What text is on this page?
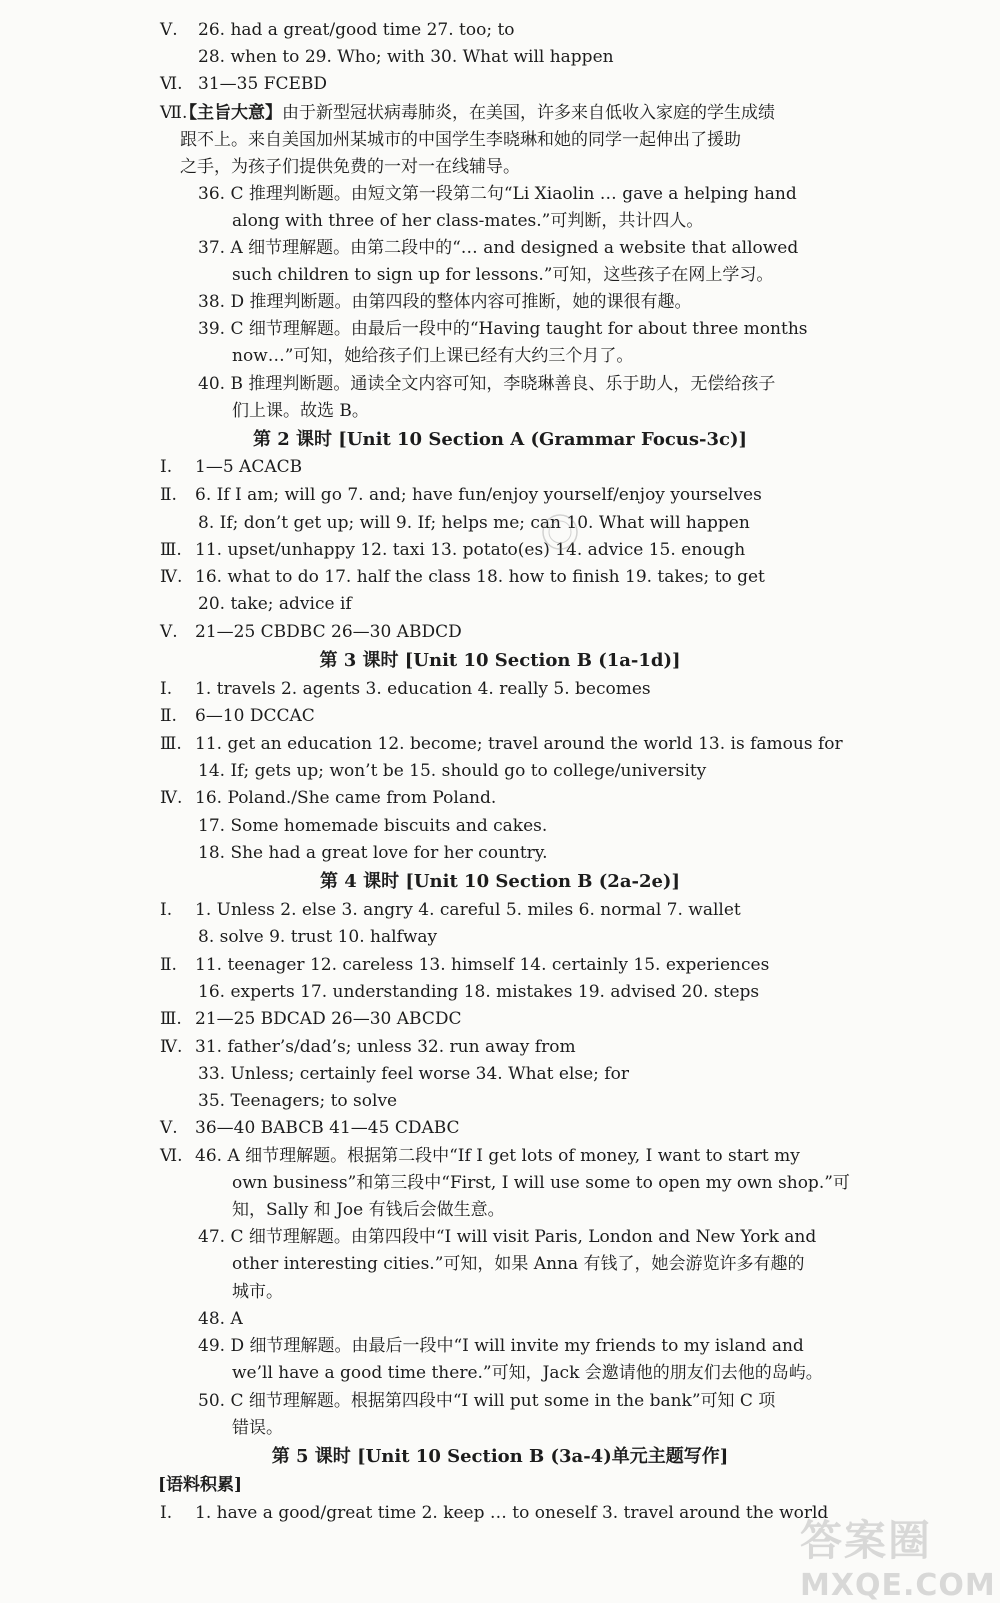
Ⅴ. 26. had a great/good time 27. too; to
28. when to 29. Who; with 30. What will happen
Ⅵ. 31—35 FCEBD
Ⅶ.
【主旨大意】由于新型冠状病毒肺炎，在美国，许多来自低收入家庭的学生成绩
跟不上。来自美国加州某城市的中国学生李晓琳和她的同学一起伸出了援助
之手，为孩子们提供免费的一对一在线辅导。
36. C 推理判断题。由短文第一段第二句“Li Xiaolin … gave a helping hand
along with three of her class-mates.”可判断，共计四人。
37. A 细节理解题。由第二段中的“… and designed a website that allowed
such children to sign up for lessons.”可知，这些孩子在网上学习。
38. D 推理判断题。由第四段的整体内容可推断，她的课很有趣。
39. C 细节理解题。由最后一段中的“Having taught for about three months
now…”可知，她给孩子们上课已经有大约三个月了。
40. B 推理判断题。通读全文内容可知，李晓琳善良、乐于助人，无偿给孩子
们上课。故选 B。
第 2 课时 [Unit 10 Section A (Grammar Focus-3c)]
Ⅰ. 1—5 ACACB
Ⅱ. 6. If I am; will go 7. and; have fun/enjoy yourself/enjoy yourselves
8. If; don’t get up; will 9. If; helps me; can 10. What will happen
Ⅲ. 11. upset/unhappy 12. taxi 13. potato(es) 14. advice 15. enough
Ⅳ. 16. what to do 17. half the class 18. how to finish 19. takes; to get
20. take; advice if
Ⅴ. 21—25 CBDBC 26—30 ABDCD
第 3 课时 [Unit 10 Section B (1a-1d)]
Ⅰ. 1. travels 2. agents 3. education 4. really 5. becomes
Ⅱ. 6—10 DCCAC
Ⅲ. 11. get an education 12. become; travel around the world 13. is famous for
14. If; gets up; won’t be 15. should go to college/university
Ⅳ. 16. Poland./She came from Poland.
17. Some homemade biscuits and cakes.
18. She had a great love for her country.
第 4 课时 [Unit 10 Section B (2a-2e)]
Ⅰ. 1. Unless 2. else 3. angry 4. careful 5. miles 6. normal 7. wallet
8. solve 9. trust 10. halfway
Ⅱ. 11. teenager 12. careless 13. himself 14. certainly 15. experiences
16. experts 17. understanding 18. mistakes 19. advised 20. steps
Ⅲ. 21—25 BDCAD 26—30 ABCDC
Ⅳ. 31. father’s/dad’s; unless 32. run away from
33. Unless; certainly feel worse 34. What else; for
35. Teenagers; to solve
Ⅴ. 36—40 BABCB 41—45 CDABC
Ⅵ. 46. A 细节理解题。根据第二段中“If I get lots of money, I want to start my
own business”和第三段中“First, I will use some to open my own shop.”可
知，Sally 和 Joe 有钱后会做生意。
47. C 细节理解题。由第四段中“I will visit Paris, London and New York and
other interesting cities.”可知，如果 Anna 有钱了，她会游览许多有趣的
城市。
48. A
49. D 细节理解题。由最后一段中“I will invite my friends to my island and
we’ll have a good time there.”可知，Jack 会邀请他的朋友们去他的岛屿。
50. C 细节理解题。根据第四段中“I will put some in the bank”可知 C 项
错误。
第 5 课时 [Unit 10 Section B (3a-4)单元主题写作]
[语料积累]
Ⅰ. 1. have a good/great time 2. keep … to oneself 3. travel around the world
答案圈
MXQE.COM
